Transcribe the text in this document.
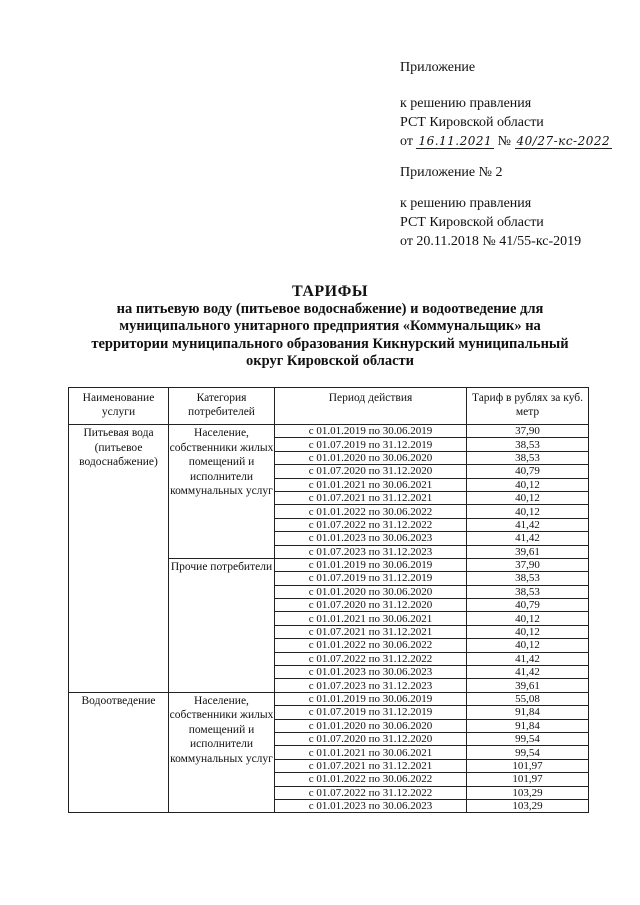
Приложение
к решению правления
РСТ Кировской области
от 16.11.2021 № 40/27-кс-2022
Приложение № 2
к решению правления
РСТ Кировской области
от 20.11.2018 № 41/55-кс-2019
ТАРИФЫ
на питьевую воду (питьевое водоснабжение) и водоотведение для
муниципального унитарного предприятия «Коммунальщик» на
территории муниципального образования Кикнурский муниципальный
округ Кировской области
Наименование услуги	Категория потребителей	Период действия	Тариф в рублях за куб. метр
Питьевая вода (питьевое водоснабжение)	Население, собственники жилых помещений и исполнители коммунальных услуг	с 01.01.2019 по 30.06.2019	37,90
		с 01.07.2019 по 31.12.2019	38,53
		с 01.01.2020 по 30.06.2020	38,53
		с 01.07.2020 по 31.12.2020	40,79
		с 01.01.2021 по 30.06.2021	40,12
		с 01.07.2021 по 31.12.2021	40,12
		с 01.01.2022 по 30.06.2022	40,12
		с 01.07.2022 по 31.12.2022	41,42
		с 01.01.2023 по 30.06.2023	41,42
		с 01.07.2023 по 31.12.2023	39,61
	Прочие потребители	с 01.01.2019 по 30.06.2019	37,90
		с 01.07.2019 по 31.12.2019	38,53
		с 01.01.2020 по 30.06.2020	38,53
		с 01.07.2020 по 31.12.2020	40,79
		с 01.01.2021 по 30.06.2021	40,12
		с 01.07.2021 по 31.12.2021	40,12
		с 01.01.2022 по 30.06.2022	40,12
		с 01.07.2022 по 31.12.2022	41,42
		с 01.01.2023 по 30.06.2023	41,42
		с 01.07.2023 по 31.12.2023	39,61
Водоотведение	Население, собственники жилых помещений и исполнители коммунальных услуг	с 01.01.2019 по 30.06.2019	55,08
		с 01.07.2019 по 31.12.2019	91,84
		с 01.01.2020 по 30.06.2020	91,84
		с 01.07.2020 по 31.12.2020	99,54
		с 01.01.2021 по 30.06.2021	99,54
		с 01.07.2021 по 31.12.2021	101,97
		с 01.01.2022 по 30.06.2022	101,97
		с 01.07.2022 по 31.12.2022	103,29
		с 01.01.2023 по 30.06.2023	103,29
